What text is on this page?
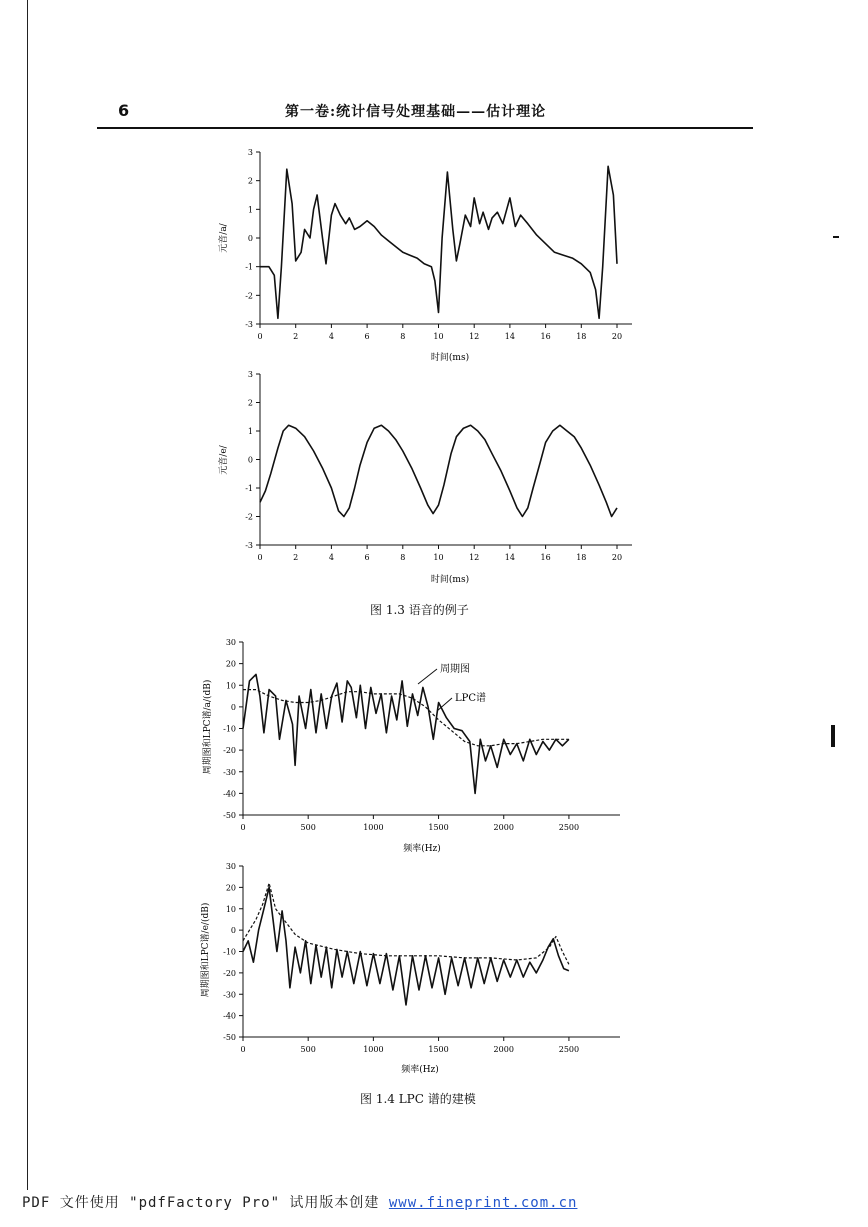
6	第一卷:统计信号处理基础——估计理论
-3
-2
-1
0
1
2
3
0	2	4	6	8	10	12	14	16	18	20
时间(ms)
元音/a/
-3
-2
-1
0
1
2
3
0	2	4	6	8	10	12	14	16	18	20
时间(ms)
元音/e/
-50
-40
-30
-20
-10
0
10
20
30
0	500	1000	1500	2000	2500
频率(Hz)
周期图和LPC谱/a/(dB)
周期图
LPC谱
-50
-40
-30
-20
-10
0
10
20
30
0	500	1000	1500	2000	2500
频率(Hz)
周期图和LPC谱/e/(dB)
图 1.3 语音的例子
图 1.4 LPC 谱的建模
PDF 文件使用 "pdfFactory Pro" 试用版本创建 www.fineprint.com.cn
